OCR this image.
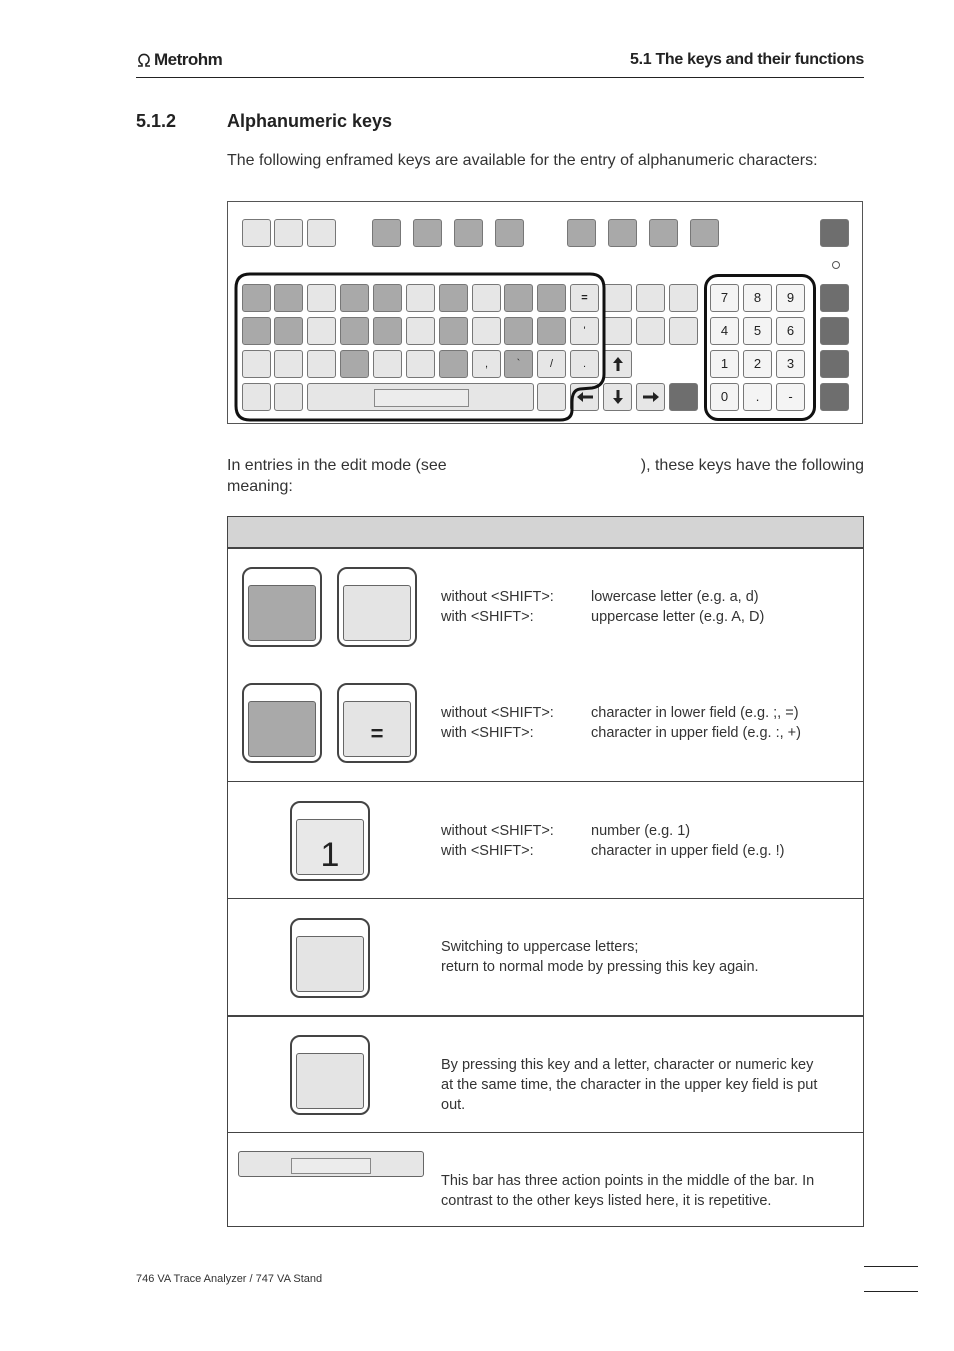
Metrohm	5.1 The keys and their functions
5.1.2	Alphanumeric keys
The following enframed keys are available for the entry of alphanumeric characters:
=
'
,	`	/	.
7	8	9
4	5	6
1	2	3
0	.	-
In entries in the edit mode (see	), these keys have the following
meaning:
without <SHIFT>:	lowercase letter (e.g. a, d)
with <SHIFT>:	uppercase letter (e.g. A, D)
=
without <SHIFT>:	character in lower field (e.g. ;, =)
with <SHIFT>:	character in upper field (e.g. :, +)
1
without <SHIFT>:	number (e.g. 1)
with <SHIFT>:	character in upper field (e.g. !)
Switching to uppercase letters;
return to normal mode by pressing this key again.
By pressing this key and a letter, character or numeric key
at the same time, the character in the upper key field is put
out.
This bar has three action points in the middle of the bar. In
contrast to the other keys listed here, it is repetitive.
746 VA Trace Analyzer / 747 VA Stand
